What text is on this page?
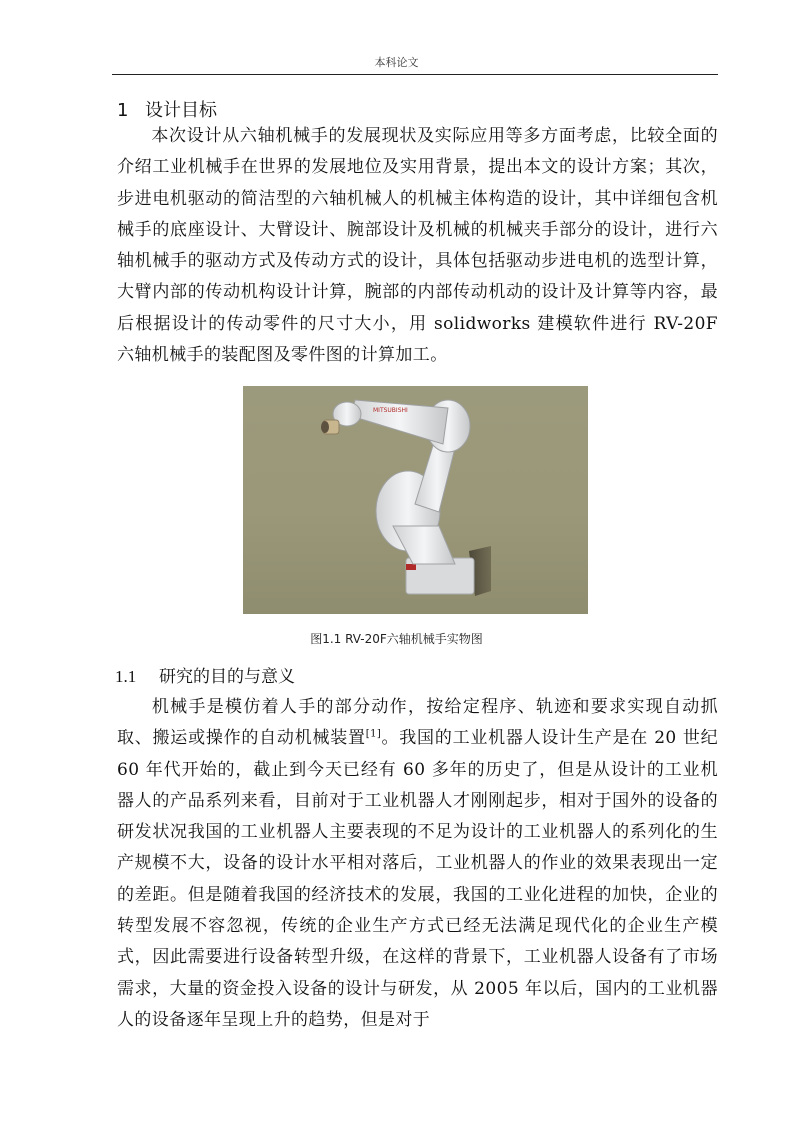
本科论文
1 设计目标
本次设计从六轴机械手的发展现状及实际应用等多方面考虑，比较全面的介绍工业机械手在世界的发展地位及实用背景，提出本文的设计方案；其次，步进电机驱动的简洁型的六轴机械人的机械主体构造的设计，其中详细包含机械手的底座设计、大臂设计、腕部设计及机械的机械夹手部分的设计，进行六轴机械手的驱动方式及传动方式的设计，具体包括驱动步进电机的选型计算，大臂内部的传动机构设计计算，腕部的内部传动机动的设计及计算等内容，最后根据设计的传动零件的尺寸大小，用 solidworks 建模软件进行 RV-20F 六轴机械手的装配图及零件图的计算加工。
MITSUBISHI
图1.1 RV-20F六轴机械手实物图
1.1 研究的目的与意义
机械手是模仿着人手的部分动作，按给定程序、轨迹和要求实现自动抓取、搬运或操作的自动机械装置[1]。我国的工业机器人设计生产是在 20 世纪 60 年代开始的，截止到今天已经有 60 多年的历史了，但是从设计的工业机器人的产品系列来看，目前对于工业机器人才刚刚起步，相对于国外的设备的研发状况我国的工业机器人主要表现的不足为设计的工业机器人的系列化的生产规模不大，设备的设计水平相对落后，工业机器人的作业的效果表现出一定的差距。但是随着我国的经济技术的发展，我国的工业化进程的加快，企业的转型发展不容忽视，传统的企业生产方式已经无法满足现代化的企业生产模式，因此需要进行设备转型升级，在这样的背景下，工业机器人设备有了市场需求，大量的资金投入设备的设计与研发，从 2005 年以后，国内的工业机器人的设备逐年呈现上升的趋势，但是对于
